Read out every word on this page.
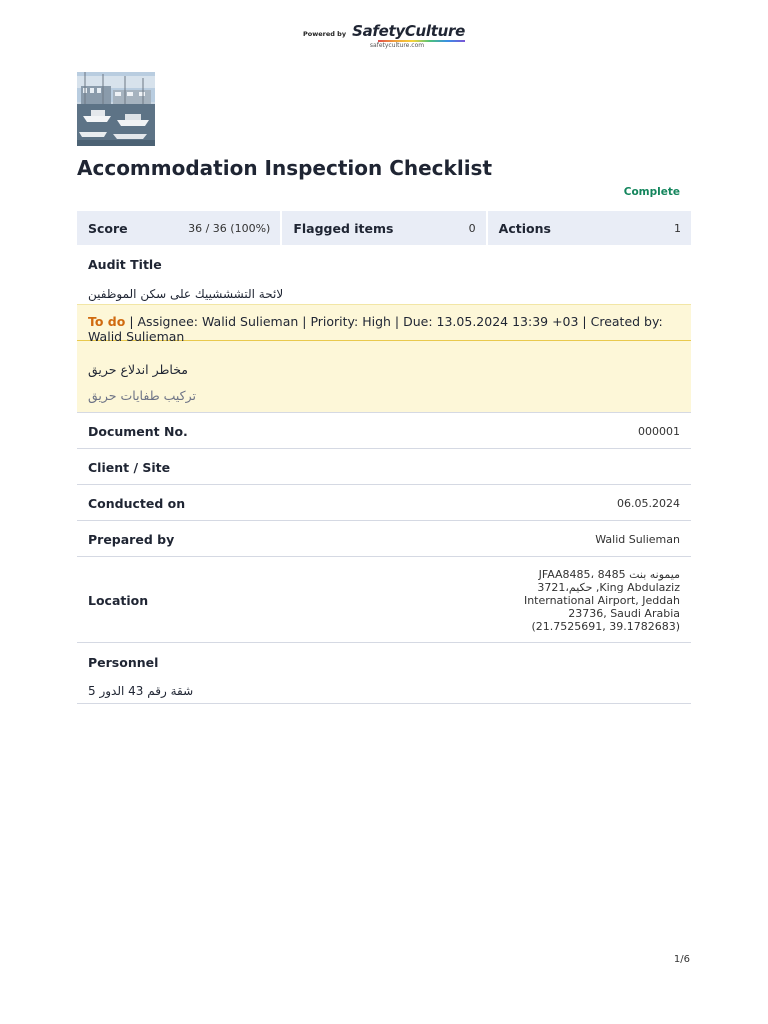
Powered by SafetyCulture
safetyculture.com
Accommodation Inspection Checklist
Complete
Score	36 / 36 (100%) Flagged items	0 Actions	1
Audit Title
لائحة التشششييك على سكن الموظفين
To do | Assignee: Walid Sulieman | Priority: High | Due: 13.05.2024 13:39 +03 | Created by: Walid Sulieman
مخاطر اندلاع حريق
تركيب طفايات حريق
Document No.	000001
Client / Site
Conducted on	06.05.2024
Prepared by	Walid Sulieman
Location
JFAA8485، 8485 ميمونه بنت
حكيم،3721 ,King Abdulaziz
International Airport, Jeddah
23736, Saudi Arabia
(21.7525691, 39.1782683)
Personnel
شقة رقم 43 الدور 5
1/6
